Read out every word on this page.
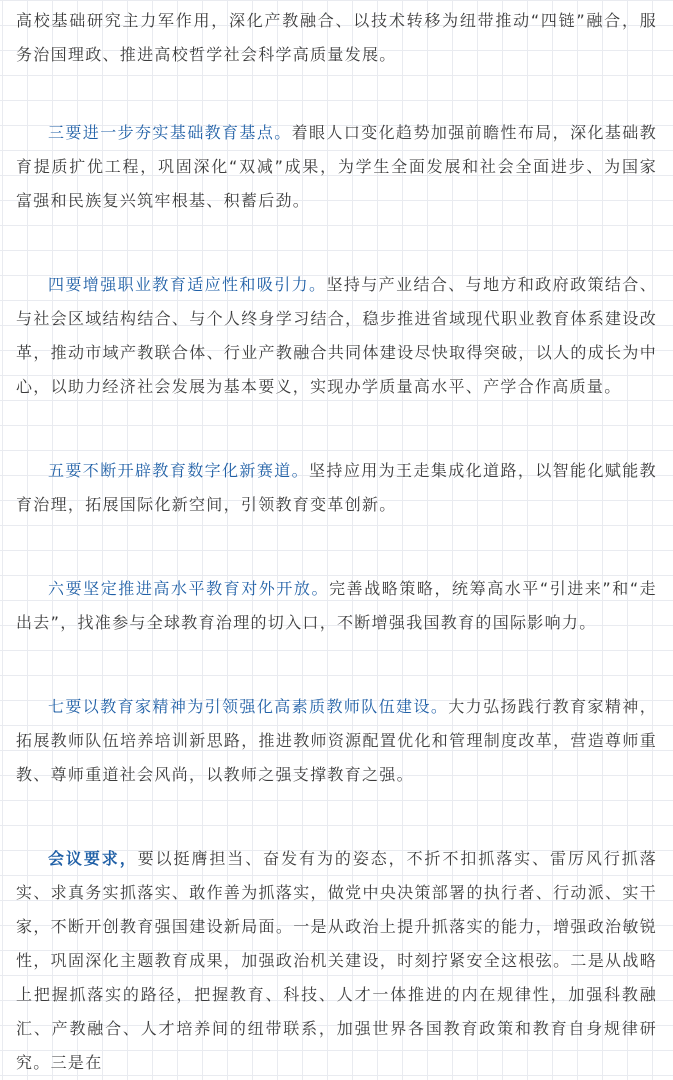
高校基础研究主力军作用，深化产教融合、以技术转移为纽带推动“四链”融合，服务治国理政、推进高校哲学社会科学高质量发展。

三要进一步夯实基础教育基点。着眼人口变化趋势加强前瞻性布局，深化基础教育提质扩优工程，巩固深化“双减”成果，为学生全面发展和社会全面进步、为国家富强和民族复兴筑牢根基、积蓄后劲。

四要增强职业教育适应性和吸引力。坚持与产业结合、与地方和政府政策结合、与社会区域结构结合、与个人终身学习结合，稳步推进省域现代职业教育体系建设改革，推动市域产教联合体、行业产教融合共同体建设尽快取得突破，以人的成长为中心，以助力经济社会发展为基本要义，实现办学质量高水平、产学合作高质量。

五要不断开辟教育数字化新赛道。坚持应用为王走集成化道路，以智能化赋能教育治理，拓展国际化新空间，引领教育变革创新。

六要坚定推进高水平教育对外开放。完善战略策略，统筹高水平“引进来”和“走出去”，找准参与全球教育治理的切入口，不断增强我国教育的国际影响力。

七要以教育家精神为引领强化高素质教师队伍建设。大力弘扬践行教育家精神，拓展教师队伍培养培训新思路，推进教师资源配置优化和管理制度改革，营造尊师重教、尊师重道社会风尚，以教师之强支撑教育之强。

会议要求，要以挺膺担当、奋发有为的姿态，不折不扣抓落实、雷厉风行抓落实、求真务实抓落实、敢作善为抓落实，做党中央决策部署的执行者、行动派、实干家，不断开创教育强国建设新局面。一是从政治上提升抓落实的能力，增强政治敏锐性，巩固深化主题教育成果，加强政治机关建设，时刻拧紧安全这根弦。二是从战略上把握抓落实的路径，把握教育、科技、人才一体推进的内在规律性，加强科教融汇、产教融合、人才培养间的纽带联系，加强世界各国教育政策和教育自身规律研究。三是在
